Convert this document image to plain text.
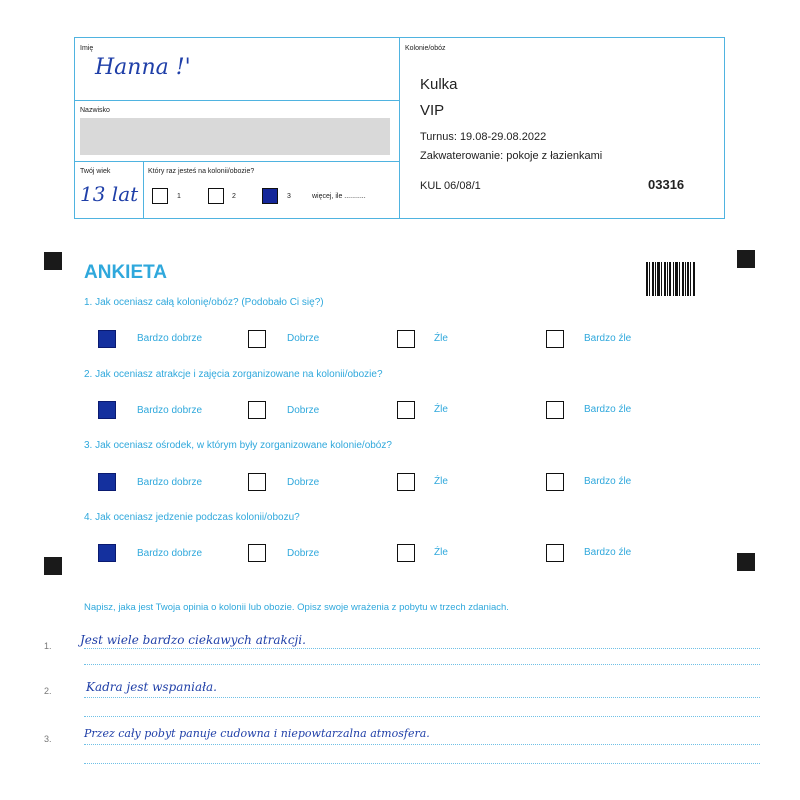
Imię
Hanna !'
Nazwisko
Twój wiek
13 lat
Który raz jesteś na kolonii/obozie?
1	2	3	więcej, ile ...........
Kolonie/obóz
Kulka
VIP
Turnus: 19.08-29.08.2022
Zakwaterowanie: pokoje z łazienkami
KUL 06/08/1	03316
ANKIETA
1. Jak oceniasz całą kolonię/obóz? (Podobało Ci się?)
Bardzo dobrze	Dobrze	Źle	Bardzo źle
2. Jak oceniasz atrakcje i zajęcia zorganizowane na kolonii/obozie?
Bardzo dobrze	Dobrze	Źle	Bardzo źle
3. Jak oceniasz ośrodek, w którym były zorganizowane kolonie/obóz?
Bardzo dobrze	Dobrze	Źle	Bardzo źle
4. Jak oceniasz jedzenie podczas kolonii/obozu?
Bardzo dobrze	Dobrze	Źle	Bardzo źle
Napisz, jaka jest Twoja opinia o kolonii lub obozie. Opisz swoje wrażenia z pobytu w trzech zdaniach.
1. Jest wiele bardzo ciekawych atrakcji.
2.	Kadra jest wspaniała.
3.	Przez cały pobyt panuje cudowna i niepowtarzalna atmosfera.
